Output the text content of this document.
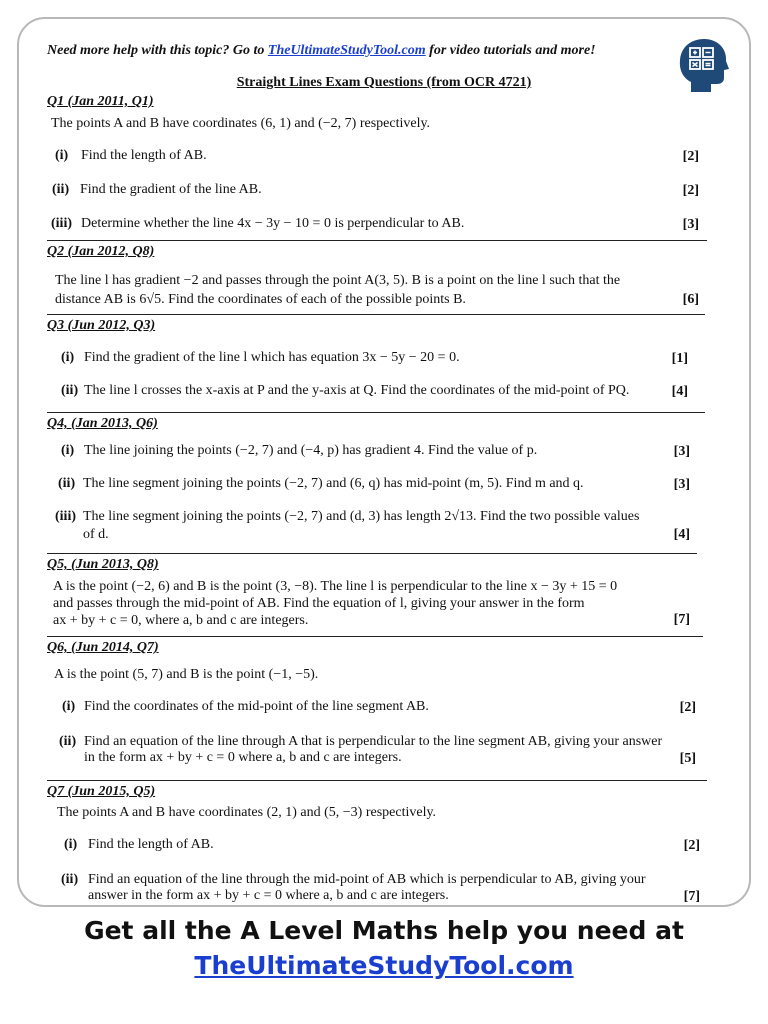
Need more help with this topic? Go to TheUltimateStudyTool.com for video tutorials and more!
Straight Lines Exam Questions (from OCR 4721)
Q1 (Jan 2011, Q1)
The points A and B have coordinates (6, 1) and (−2, 7) respectively.
(i) Find the length of AB.	[2]
(ii) Find the gradient of the line AB.	[2]
(iii) Determine whether the line 4x − 3y − 10 = 0 is perpendicular to AB.	[3]
Q2 (Jan 2012, Q8)
The line l has gradient −2 and passes through the point A(3, 5). B is a point on the line l such that the
distance AB is 6√5. Find the coordinates of each of the possible points B.	[6]
Q3 (Jun 2012, Q3)
(i) Find the gradient of the line l which has equation 3x − 5y − 20 = 0.	[1]
(ii) The line l crosses the x-axis at P and the y-axis at Q. Find the coordinates of the mid-point of PQ.	[4]
Q4, (Jan 2013, Q6)
(i) The line joining the points (−2, 7) and (−4, p) has gradient 4. Find the value of p.	[3]
(ii) The line segment joining the points (−2, 7) and (6, q) has mid-point (m, 5). Find m and q.	[3]
(iii) The line segment joining the points (−2, 7) and (d, 3) has length 2√13. Find the two possible values
of d.	[4]
Q5, (Jun 2013, Q8)
A is the point (−2, 6) and B is the point (3, −8). The line l is perpendicular to the line x − 3y + 15 = 0
and passes through the mid-point of AB. Find the equation of l, giving your answer in the form
ax + by + c = 0, where a, b and c are integers.	[7]
Q6, (Jun 2014, Q7)
A is the point (5, 7) and B is the point (−1, −5).
(i) Find the coordinates of the mid-point of the line segment AB.	[2]
(ii) Find an equation of the line through A that is perpendicular to the line segment AB, giving your answer
in the form ax + by + c = 0 where a, b and c are integers.	[5]
Q7 (Jun 2015, Q5)
The points A and B have coordinates (2, 1) and (5, −3) respectively.
(i) Find the length of AB.	[2]
(ii) Find an equation of the line through the mid-point of AB which is perpendicular to AB, giving your
answer in the form ax + by + c = 0 where a, b and c are integers.	[7]
Get all the A Level Maths help you need at
TheUltimateStudyTool.com
